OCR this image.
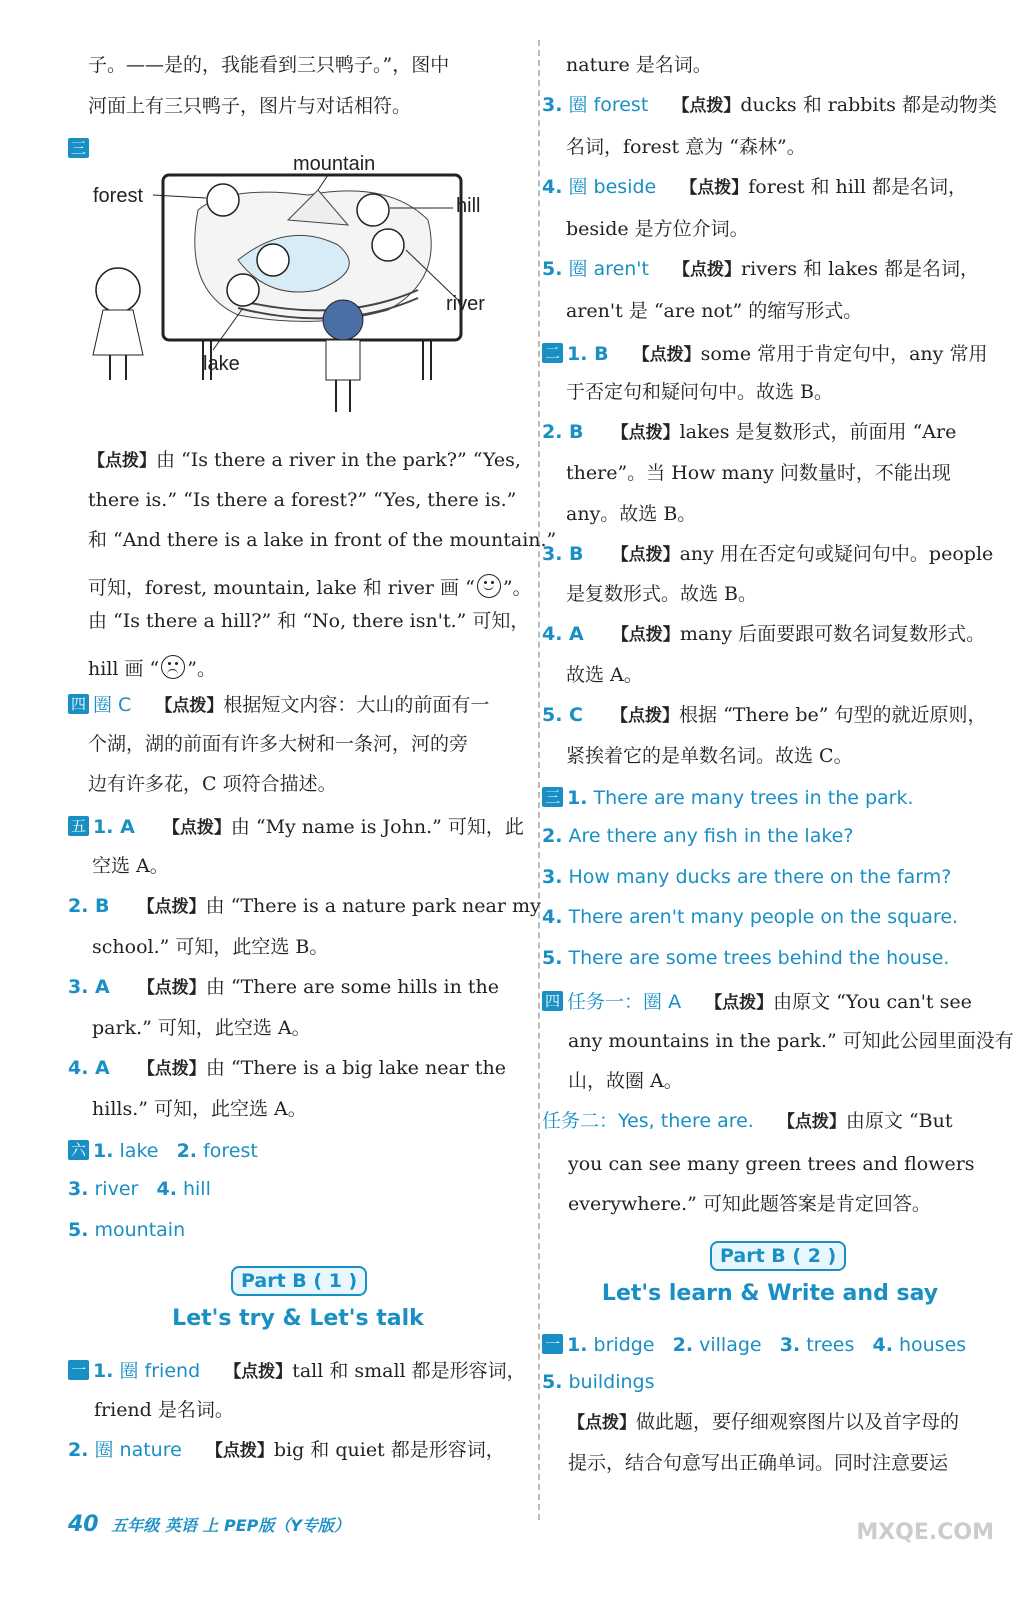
子。——是的，我能看到三只鸭子。”，图中
河面上有三只鸭子，图片与对话相符。
三
mountain
forest	hill
river
lake
【点拨】由 “Is there a river in the park?” “Yes,
there is.” “Is there a forest?” “Yes, there is.”
和 “And there is a lake in front of the mountain.”
可知，forest, mountain, lake 和 river 画 “ ”。
由 “Is there a hill?” 和 “No, there isn't.” 可知，
hill 画 “ ”。
四 圈 C 【点拨】根据短文内容：大山的前面有一
个湖，湖的前面有许多大树和一条河，河的旁
边有许多花，C 项符合描述。
五 1. A 【点拨】由 “My name is John.” 可知，此
空选 A。
2. B 【点拨】由 “There is a nature park near my
school.” 可知，此空选 B。
3. A 【点拨】由 “There are some hills in the
park.” 可知，此空选 A。
4. A 【点拨】由 “There is a big lake near the
hills.” 可知，此空选 A。
六 1. lake 2. forest
3. river 4. hill
5. mountain
Part B ( 1 )
Let's try & Let's talk
一 1. 圈 friend 【点拨】tall 和 small 都是形容词，
friend 是名词。
2. 圈 nature 【点拨】big 和 quiet 都是形容词，
nature 是名词。
3. 圈 forest 【点拨】ducks 和 rabbits 都是动物类
名词，forest 意为 “森林”。
4. 圈 beside 【点拨】forest 和 hill 都是名词，
beside 是方位介词。
5. 圈 aren't 【点拨】rivers 和 lakes 都是名词，
aren't 是 “are not” 的缩写形式。
二 1. B 【点拨】some 常用于肯定句中，any 常用
于否定句和疑问句中。故选 B。
2. B 【点拨】lakes 是复数形式，前面用 “Are
there”。当 How many 问数量时，不能出现
any。故选 B。
3. B 【点拨】any 用在否定句或疑问句中。people
是复数形式。故选 B。
4. A 【点拨】many 后面要跟可数名词复数形式。
故选 A。
5. C 【点拨】根据 “There be” 句型的就近原则，
紧挨着它的是单数名词。故选 C。
三 1. There are many trees in the park.
2. Are there any fish in the lake?
3. How many ducks are there on the farm?
4. There aren't many people on the square.
5. There are some trees behind the house.
四 任务一：圈 A 【点拨】由原文 “You can't see
any mountains in the park.” 可知此公园里面没有
山，故圈 A。
任务二：Yes, there are. 【点拨】由原文 “But
you can see many green trees and flowers
everywhere.” 可知此题答案是肯定回答。
Part B ( 2 )
Let's learn & Write and say
一 1. bridge 2. village 3. trees 4. houses
5. buildings
【点拨】做此题，要仔细观察图片以及首字母的
提示，结合句意写出正确单词。同时注意要运
40 五年级 英语 上 PEP版（Y专版）	MXQE.COM
